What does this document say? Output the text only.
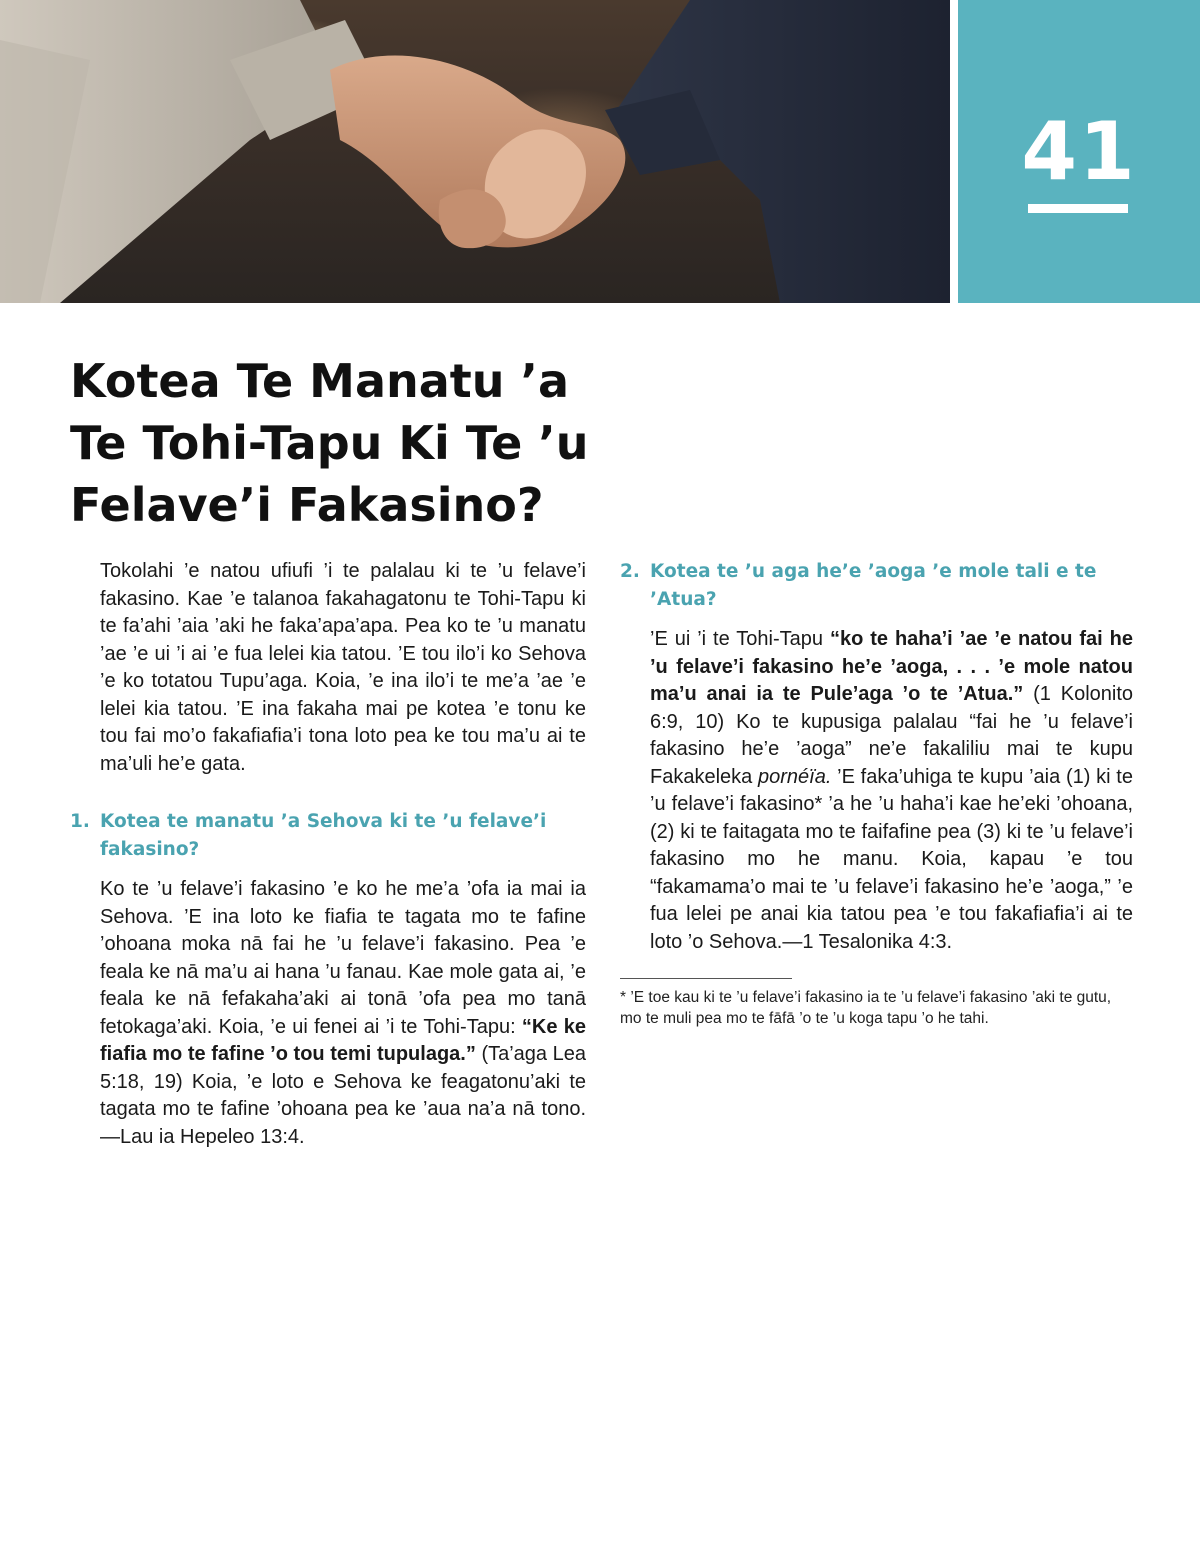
41
Kotea Te Manatu ’a
Te Tohi-Tapu Ki Te ’u
Felave’i Fakasino?

Tokolahi ’e natou ufiufi ’i te palalau ki te ’u felave’i fakasino. Kae ’e talanoa fakahagatonu te Tohi-Tapu ki te fa’ahi ’aia ’aki he faka’apa’apa. Pea ko te ’u manatu ’ae ’e ui ’i ai ’e fua lelei kia tatou. ’E tou ilo’i ko Sehova ’e ko totatou Tupu’aga. Koia, ’e ina ilo’i te me’a ’ae ’e lelei kia tatou. ’E ina fakaha mai pe kotea ’e tonu ke tou fai mo’o fakafiafia’i tona loto pea ke tou ma’u ai te ma’uli he’e gata.

1. Kotea te manatu ’a Sehova ki te ’u felave’i fakasino?

Ko te ’u felave’i fakasino ’e ko he me’a ’ofa ia mai ia Sehova. ’E ina loto ke fiafia te tagata mo te fafine ’ohoana moka nā fai he ’u felave’i fakasino. Pea ’e feala ke nā ma’u ai hana ’u fanau. Kae mole gata ai, ’e feala ke nā fefakaha’aki ai tonā ’ofa pea mo tanā fetokaga’aki. Koia, ’e ui fenei ai ’i te Tohi-Tapu: “Ke ke fiafia mo te fafine ’o tou temi tupulaga.” (Ta’aga Lea 5:18, 19) Koia, ’e loto e Sehova ke feagatonu’aki te tagata mo te fafine ’ohoana pea ke ’aua na’a nā tono.—Lau ia Hepeleo 13:4.

2. Kotea te ’u aga he’e ’aoga ’e mole tali e te ’Atua?

’E ui ’i te Tohi-Tapu “ko te haha’i ’ae ’e natou fai he ’u felave’i fakasino he’e ’aoga, . . . ’e mole natou ma’u anai ia te Pule’aga ’o te ’Atua.” (1 Kolonito 6:9, 10) Ko te kupusiga palalau “fai he ’u felave’i fakasino he’e ’aoga” ne’e fakaliliu mai te kupu Fakakeleka pornéïa. ’E faka’uhiga te kupu ’aia (1) ki te ’u felave’i fakasino* ’a he ’u haha’i kae he’eki ’ohoana, (2) ki te faitagata mo te faifafine pea (3) ki te ’u felave’i fakasino mo he manu. Koia, kapau ’e tou “fakamama’o mai te ’u felave’i fakasino he’e ’aoga,” ’e fua lelei pe anai kia tatou pea ’e tou fakafiafia’i ai te loto ’o Sehova.—1 Tesalonika 4:3.

* ’E toe kau ki te ’u felave’i fakasino ia te ’u felave’i fakasino ’aki te gutu, mo te muli pea mo te fāfā ’o te ’u koga tapu ’o he tahi.
